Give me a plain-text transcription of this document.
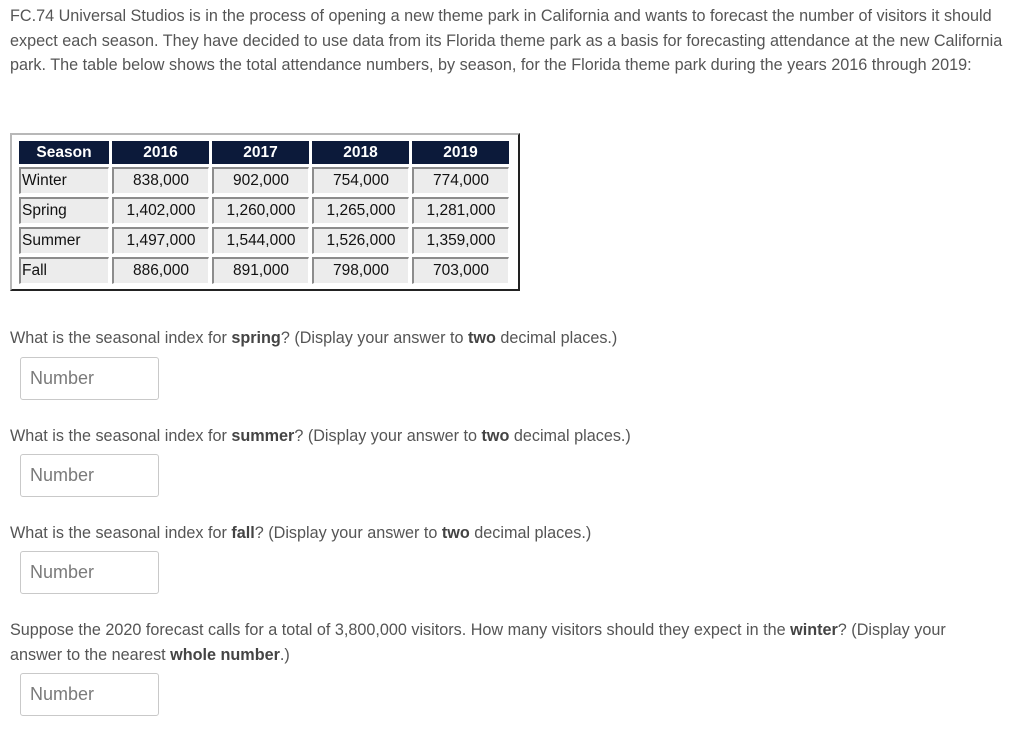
FC.74 Universal Studios is in the process of opening a new theme park in California and wants to forecast the number of visitors it should expect each season. They have decided to use data from its Florida theme park as a basis for forecasting attendance at the new California park. The table below shows the total attendance numbers, by season, for the Florida theme park during the years 2016 through 2019:

Season	2016	2017	2018	2019
Winter	838,000	902,000	754,000	774,000
Spring	1,402,000	1,260,000	1,265,000	1,281,000
Summer	1,497,000	1,544,000	1,526,000	1,359,000
Fall	886,000	891,000	798,000	703,000

What is the seasonal index for spring? (Display your answer to two decimal places.)

Number

What is the seasonal index for summer? (Display your answer to two decimal places.)

Number

What is the seasonal index for fall? (Display your answer to two decimal places.)

Number

Suppose the 2020 forecast calls for a total of 3,800,000 visitors. How many visitors should they expect in the winter? (Display your answer to the nearest whole number.)

Number
